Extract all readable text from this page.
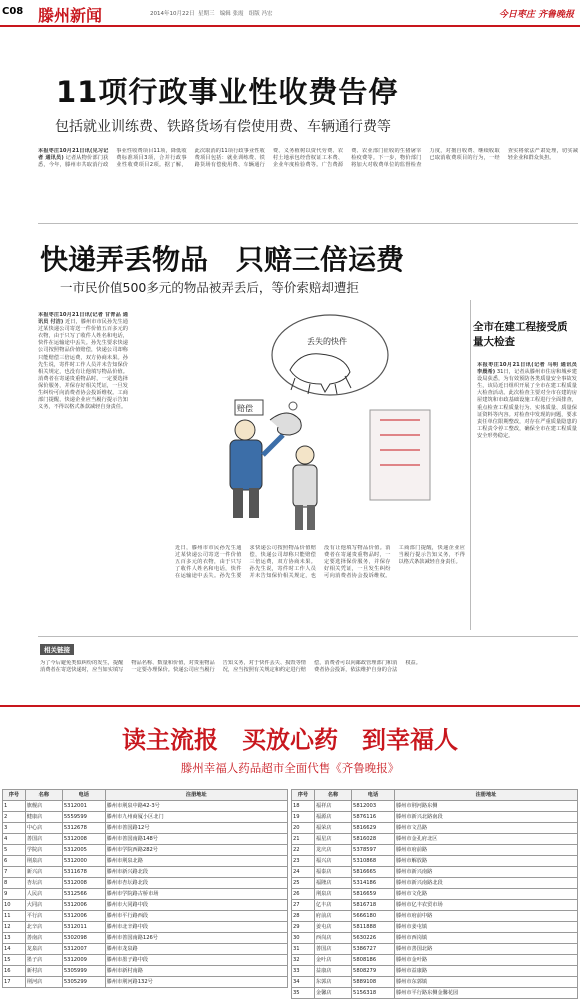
C08 滕州新闻	2014年10月22日 星期三 编辑 张霞 组版 冯宏	今日枣庄 齐鲁晚报
11项行政事业性收费告停
包括就业训练费、铁路货场有偿使用费、车辆通行费等
本报枣庄10月21日讯(见习记者 通讯员) 记者从物价部门获悉，今年，滕州市共取消行政事业性收费项目11项，降低收费标准项目3项，合并行政事业性收费项目2项。据了解，此次取消的11项行政事业性收费项目包括：就业训练费、铁路货场有偿使用费、车辆通行费、义务植树以资代劳费、农村土地承包经营权证工本费、企业年度检验费等。广告费源费、农业部门征收的生猪屠宰检疫费等。下一步，物价部门将加大对收费单位的监督检查力度，对擅自收费、继续收取已取消收费项目的行为，一经查实将依法严肃处理，切实减轻企业和群众负担。
快递弄丢物品　只赔三倍运费
一市民价值500多元的物品被弄丢后，等价索赔却遭拒
本报枣庄10月21日讯(记者 甘青品 通讯员 付洁) 近日，滕州市市民孙先生通过某快递公司寄送一件价值五百多元的衣物，由于只写了收件人姓名和电话，快件在运输途中丢失。孙先生要求快递公司按照物品价值赔偿，快递公司却称只能赔偿三倍运费，双方协商未果。孙先生说，寄件时工作人员并未告知保价相关规定，也没有让他填写物品价值。消费者在寄递贵重物品时，一定要选择保价服务，并保存好相关凭证，一旦发生纠纷可向消费者协会投诉维权。工商部门提醒，快递企业应当履行提示告知义务，不得以格式条款减轻自身责任。
丢失的快件
赔偿
近日，滕州市市民孙先生通过某快递公司寄送一件价值五百多元的衣物，由于只写了收件人姓名和电话，快件在运输途中丢失。孙先生要求快递公司按照物品价值赔偿，快递公司却称只能赔偿三倍运费，双方协商未果。孙先生说，寄件时工作人员并未告知保价相关规定，也没有让他填写物品价值。消费者在寄递贵重物品时，一定要选择保价服务，并保存好相关凭证，一旦发生纠纷可向消费者协会投诉维权。工商部门提醒，快递企业应当履行提示告知义务，不得以格式条款减轻自身责任。
全市在建工程接受质量大检查
本报枣庄10月21日讯(记者 马明 通讯员 李晨希) 31日，记者从滕州市住房和城乡建设局获悉，为有效预防各类质量安全事故发生，该局近日组织开展了全市在建工程质量大检查活动。此次检查主要对全市在建的房屋建筑和市政基础设施工程进行全面排查，重点检查工程质量行为、实体质量、质量保证资料等内容。对检查中发现的问题，要求责任单位限期整改，对存在严重质量隐患的工程责令停工整改，确保全市在建工程质量安全形势稳定。
相关链接
为了今后避免类似纠纷的发生，提醒消费者在寄送快递时，应当如实填写物品名称、数量和价值，对贵重物品一定要办理保价。快递公司应当履行告知义务，对于快件丢失、损毁等情况，应当按照有关规定和约定进行赔偿，消费者可以向邮政管理部门和消费者协会投诉，依法维护自身的合法权益。
读主流报　买放心药　到幸福人
滕州幸福人药品超市全面代售《齐鲁晚报》
序号	名称	电话	注册地址
1	旗舰店	5312001	滕州市荆泉中路42-3号
2	健康店	5559599	滕州市九州商厦小区北门
3	中心店	5312678	滕州市善国路12号
4	善国店	5312008	滕州市善国南路148号
5	学院店	5312005	滕州市学院西路282号
6	荆泉店	5312000	滕州市荆泉北路
7	新兴店	5311678	滕州市新兴路北段
8	杏坛店	5312008	滕州市杏坛路北段
9	人民店	5312566	滕州市学院路古桥市场
10	大同店	5312006	滕州市大同路中段
11	平行店	5312006	滕州市平行路西段
12	北辛店	5312011	滕州市北辛路中段
13	善南店	5302098	滕州市善国南路126号
14	龙泉店	5312007	滕州市龙泉路
15	墨子店	5312009	滕州市墨子路中段
16	新村店	5305999	滕州市新村南路
17	荆河店	5305299	滕州市荆河路132号
序号	名称	电话	注册地址
18	福祥店	5812003	滕州市荆河路东侧
19	福源店	5876116	滕州市新兴北路南段
20	福荣店	5816629	滕州市文昌路
21	福星店	5816028	滕州市金孔府北区
22	龙庆店	5378597	滕州市府前路
23	福兴店	5310868	滕州市解放路
24	福泰店	5816665	滕州市新兴南路
25	福隆店	5314186	滕州市新兴南路北段
26	荆泉店	5816659	滕州市文化路
27	亿丰店	5816718	滕州市亿丰农贸市场
28	府前店	5666180	滕州市府前中路
29	姜屯店	5811888	滕州市姜屯镇
30	西岗店	5630226	滕州市西岗镇
31	善国店	5386727	滕州市善国北路
32	金叶店	5808186	滕州市金叶路
33	益康店	5808279	滕州市益康路
34	东郭店	5889108	滕州市东郭镇
35	金馨店	5156318	滕州市平行路东侧金馨花园
